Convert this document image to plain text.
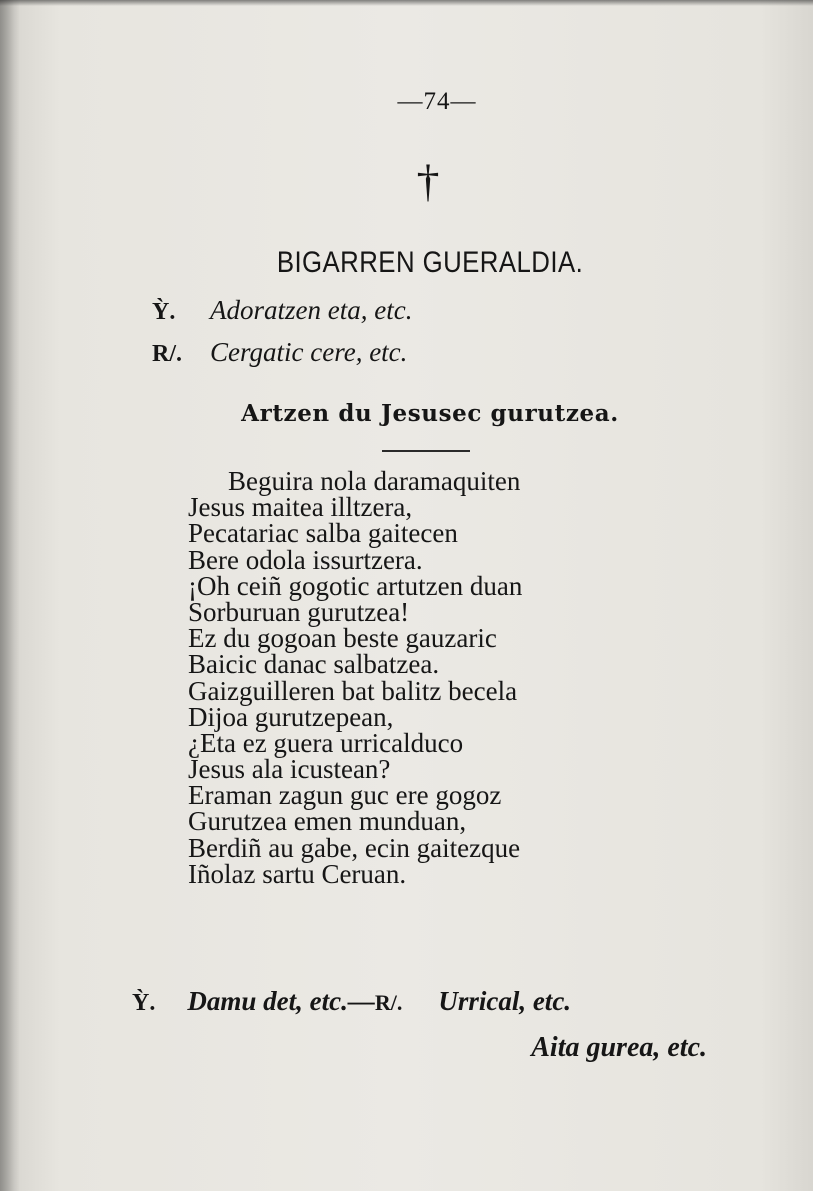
—74—
†
BIGARREN GUERALDIA.
Ỳ.	Adoratzen eta, etc.
R/.	Cergatic cere, etc.
Artzen du Jesusec gurutzea.
Beguira nola daramaquiten
Jesus maitea illtzera,
Pecatariac salba gaitecen
Bere odola issurtzera.
¡Oh ceiñ gogotic artutzen duan
Sorburuan gurutzea!
Ez du gogoan beste gauzaric
Baicic danac salbatzea.
Gaizguilleren bat balitz becela
Dijoa gurutzepean,
¿Eta ez guera urricalduco
Jesus ala icustean?
Eraman zagun guc ere gogoz
Gurutzea emen munduan,
Berdiñ au gabe, ecin gaitezque
Iñolaz sartu Ceruan.
Ỳ. Damu det, etc. — R/. Urrical, etc.
Aita gurea, etc.
